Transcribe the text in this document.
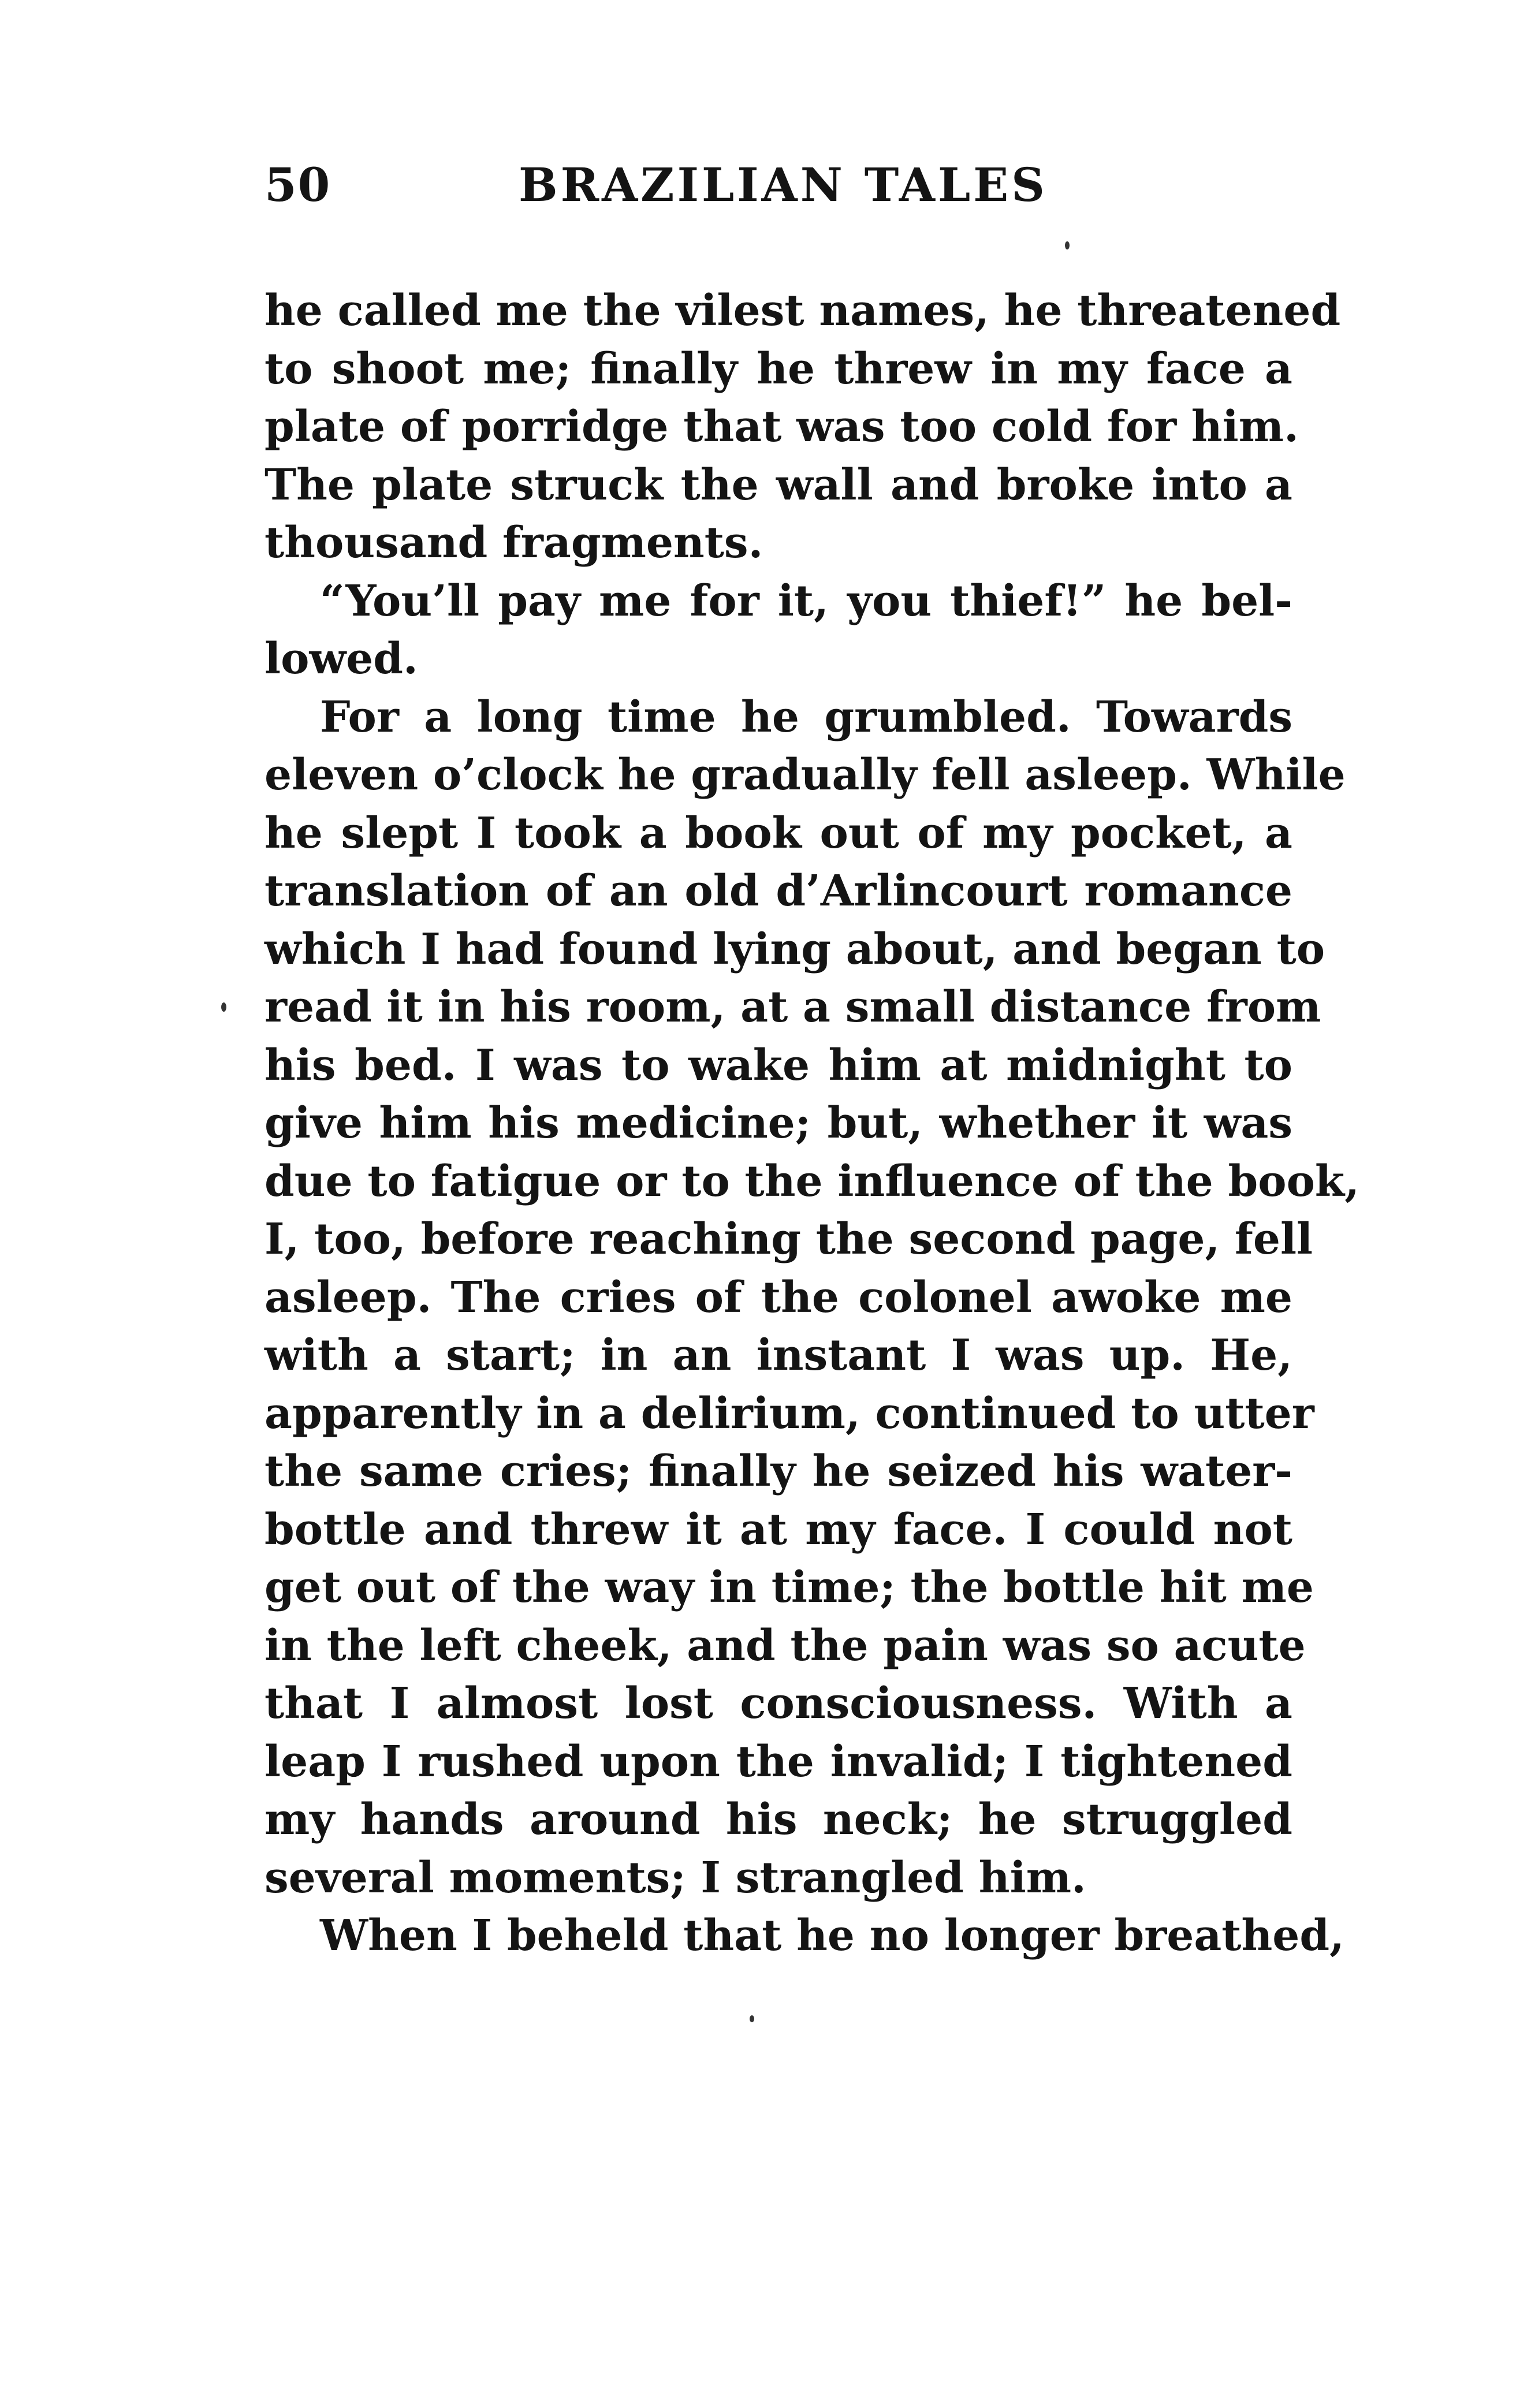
50	BRAZILIAN TALES
he called me the vilest names, he threatened
to shoot me; finally he threw in my face a
plate of porridge that was too cold for him.
The plate struck the wall and broke into a
thousand fragments.
“You’ll pay me for it, you thief!” he bel-
lowed.
For a long time he grumbled. Towards
eleven o’clock he gradually fell asleep. While
he slept I took a book out of my pocket, a
translation of an old d’Arlincourt romance
which I had found lying about, and began to
read it in his room, at a small distance from
his bed. I was to wake him at midnight to
give him his medicine; but, whether it was
due to fatigue or to the influence of the book,
I, too, before reaching the second page, fell
asleep. The cries of the colonel awoke me
with a start; in an instant I was up. He,
apparently in a delirium, continued to utter
the same cries; finally he seized his water-
bottle and threw it at my face. I could not
get out of the way in time; the bottle hit me
in the left cheek, and the pain was so acute
that I almost lost consciousness. With a
leap I rushed upon the invalid; I tightened
my hands around his neck; he struggled
several moments; I strangled him.
When I beheld that he no longer breathed,
